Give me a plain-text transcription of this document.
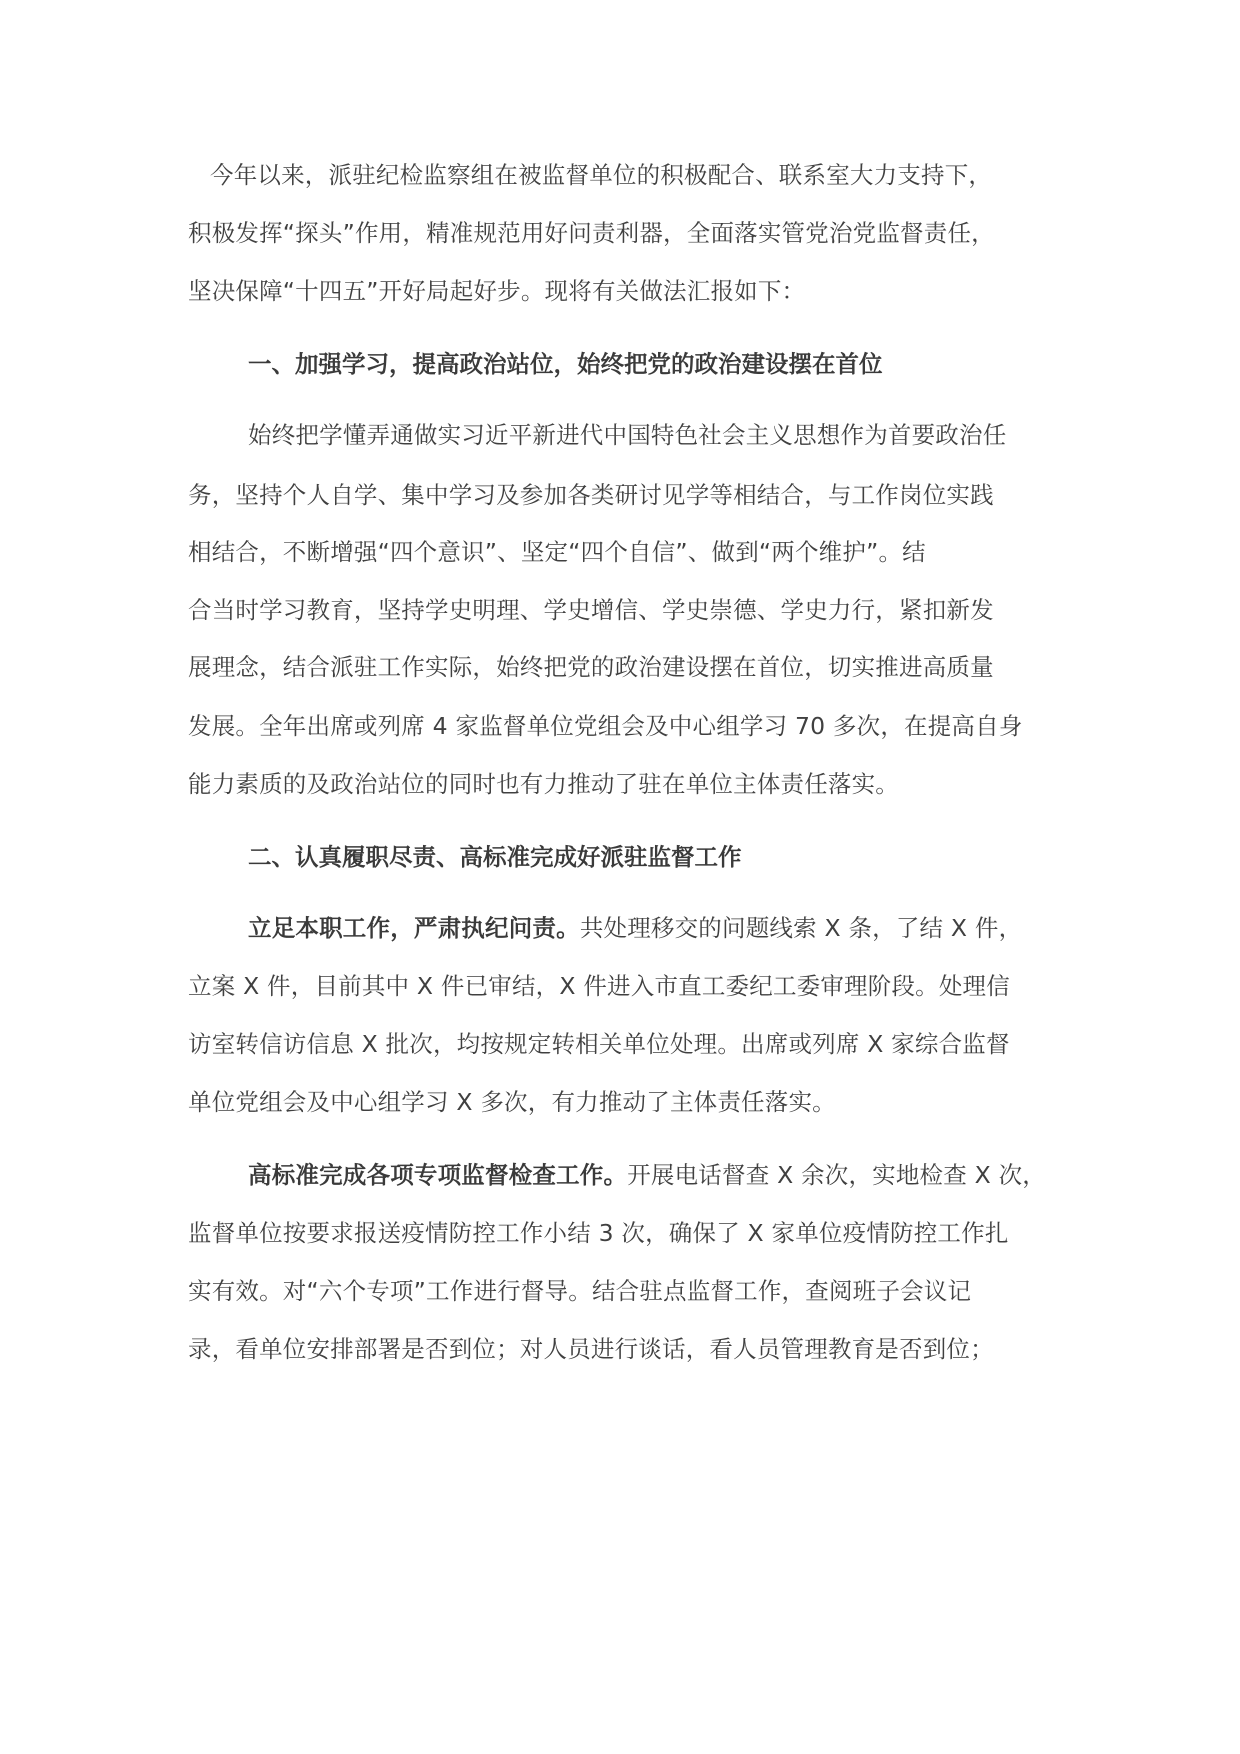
今年以来，派驻纪检监察组在被监督单位的积极配合、联系室大力支持下，
积极发挥“探头”作用，精准规范用好问责利器，全面落实管党治党监督责任，
坚决保障“十四五”开好局起好步。现将有关做法汇报如下：
一、加强学习，提高政治站位，始终把党的政治建设摆在首位
始终把学懂弄通做实习近平新进代中国特色社会主义思想作为首要政治任
务，坚持个人自学、集中学习及参加各类研讨见学等相结合，与工作岗位实践
相结合，不断增强“四个意识”、坚定“四个自信”、做到“两个维护”。结
合当时学习教育，坚持学史明理、学史增信、学史崇德、学史力行，紧扣新发
展理念，结合派驻工作实际，始终把党的政治建设摆在首位，切实推进高质量
发展。全年出席或列席 4 家监督单位党组会及中心组学习 70 多次，在提高自身
能力素质的及政治站位的同时也有力推动了驻在单位主体责任落实。
二、认真履职尽责、高标准完成好派驻监督工作
立足本职工作，严肃执纪问责。共处理移交的问题线索 X 条，了结 X 件，
立案 X 件，目前其中 X 件已审结，X 件进入市直工委纪工委审理阶段。处理信
访室转信访信息 X 批次，均按规定转相关单位处理。出席或列席 X 家综合监督
单位党组会及中心组学习 X 多次，有力推动了主体责任落实。
高标准完成各项专项监督检查工作。开展电话督查 X 余次，实地检查 X 次，
监督单位按要求报送疫情防控工作小结 3 次，确保了 X 家单位疫情防控工作扎
实有效。对“六个专项”工作进行督导。结合驻点监督工作，查阅班子会议记
录，看单位安排部署是否到位；对人员进行谈话，看人员管理教育是否到位；
